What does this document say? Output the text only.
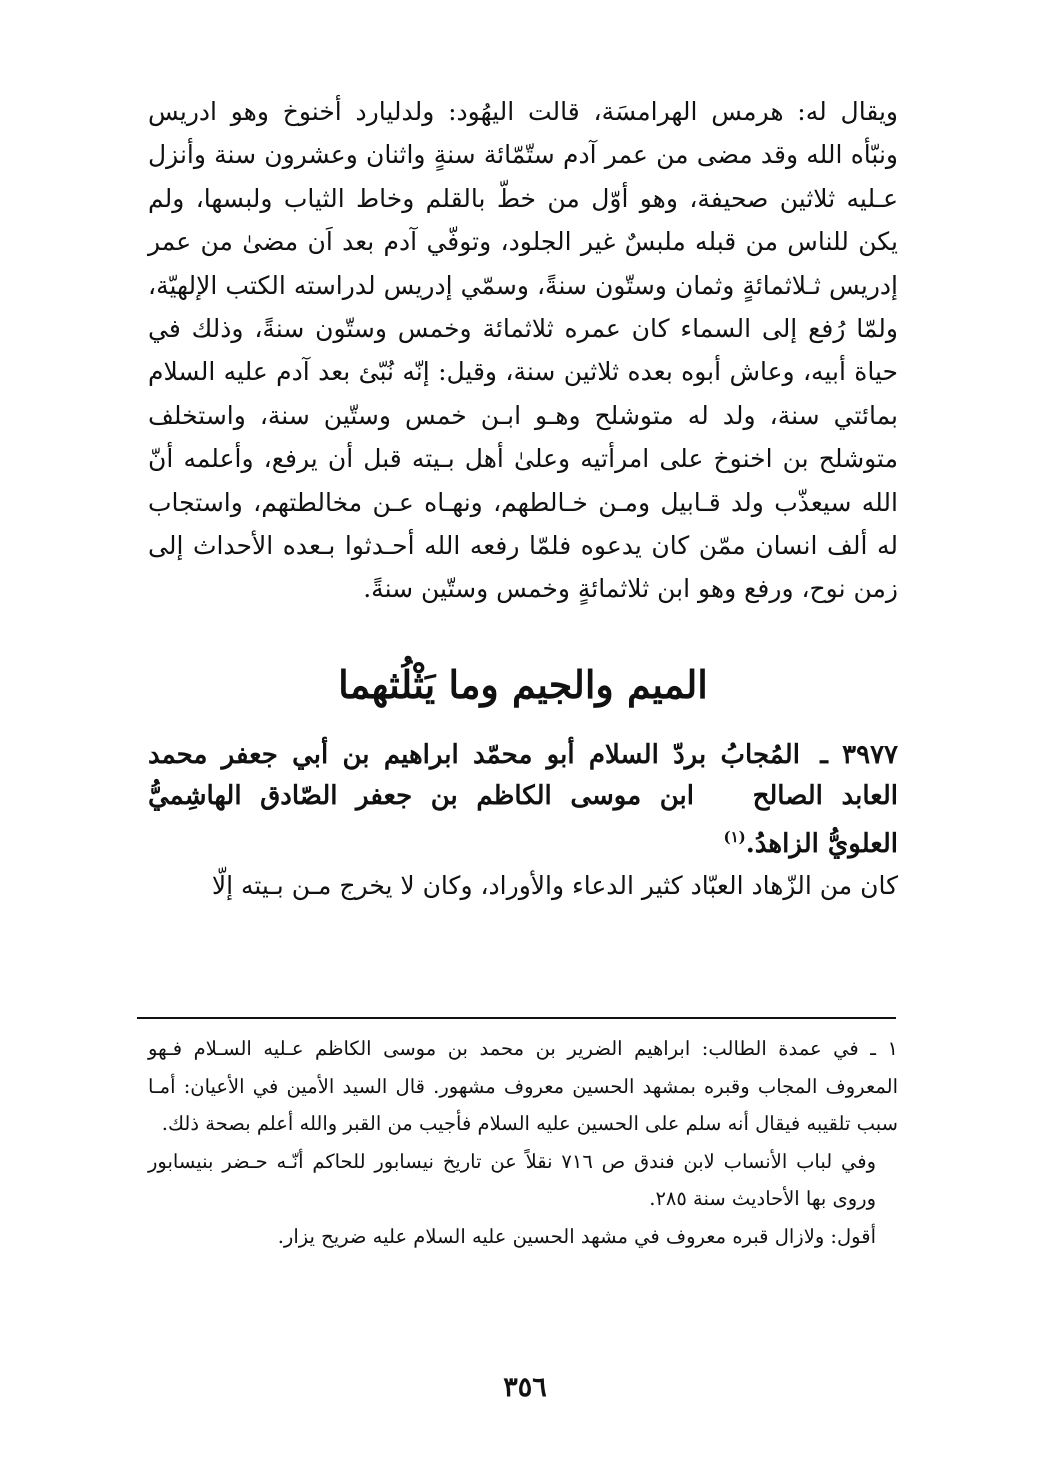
ويقال له: هرمس الهرامسَة، قالت اليهُود: ولدليارد أخنوخ وهو ادريس ونبّأه الله وقد مضى من عمر آدم ستّمّائة سنةٍ واثنان وعشرون سنة وأنزل عـليه ثلاثين صحيفة، وهو أوّل من خطّ بالقلم وخاط الثياب ولبسها، ولم يكن للناس من قبله ملبسٌ غير الجلود، وتوفّي آدم بعد اَن مضىٰ من عمر إدريس ثـلاثمائةٍ وثمان وستّون سنةً، وسمّي إدريس لدراسته الكتب الإلهيّة، ولمّا رُفع إلى السماء كان عمره ثلاثمائة وخمس وستّون سنةً، وذلك في حياة أبيه، وعاش أبوه بعده ثلاثين سنة، وقيل: إنّه نُبّئ بعد آدم عليه السلام بمائتي سنة، ولد له متوشلح وهـو ابـن خمس وستّين سنة، واستخلف متوشلح بن اخنوخ على امرأتيه وعلىٰ أهل بـيته قبل أن يرفع، وأعلمه أنّ الله سيعذّب ولد قـابيل ومـن خـالطهم، ونهـاه عـن مخالطتهم، واستجاب له ألف انسان ممّن كان يدعوه فلمّا رفعه الله أحـدثوا بـعده الأحداث إلى زمن نوح، ورفع وهو ابن ثلاثمائةٍ وخمس وستّين سنةً.

الميم والجيم وما يَثْلُثهما

٣٩٧٧ ـ المُجابُ بردّ السلام أبو محمّد ابراهيم بن أبي جعفر محمد العابد الصالح ابن موسى الكاظم بن جعفر الصّادق الهاشِميُّ العلويُّ الزاهدُ.$^{(١)}$

كان من الزّهاد العبّاد كثير الدعاء والأوراد، وكان لا يخرج مـن بـيته إلّا

١ ـ في عمدة الطالب: ابراهيم الضرير بن محمد بن موسى الكاظم عـليه السـلام فـهو المعروف المجاب وقبره بمشهد الحسين معروف مشهور. قال السيد الأمين في الأعيان: أمـا سبب تلقيبه فيقال أنه سلم على الحسين عليه السلام فأجيب من القبر والله أعلم بصحة ذلك.

وفي لباب الأنساب لابن فندق ص ٧١٦ نقلاً عن تاريخ نيسابور للحاكم أنّـه حـضر بنيسابور وروى بها الأحاديث سنة ٢٨٥.

أقول: ولازال قبره معروف في مشهد الحسين عليه السلام عليه ضريح يزار.

٣٥٦
